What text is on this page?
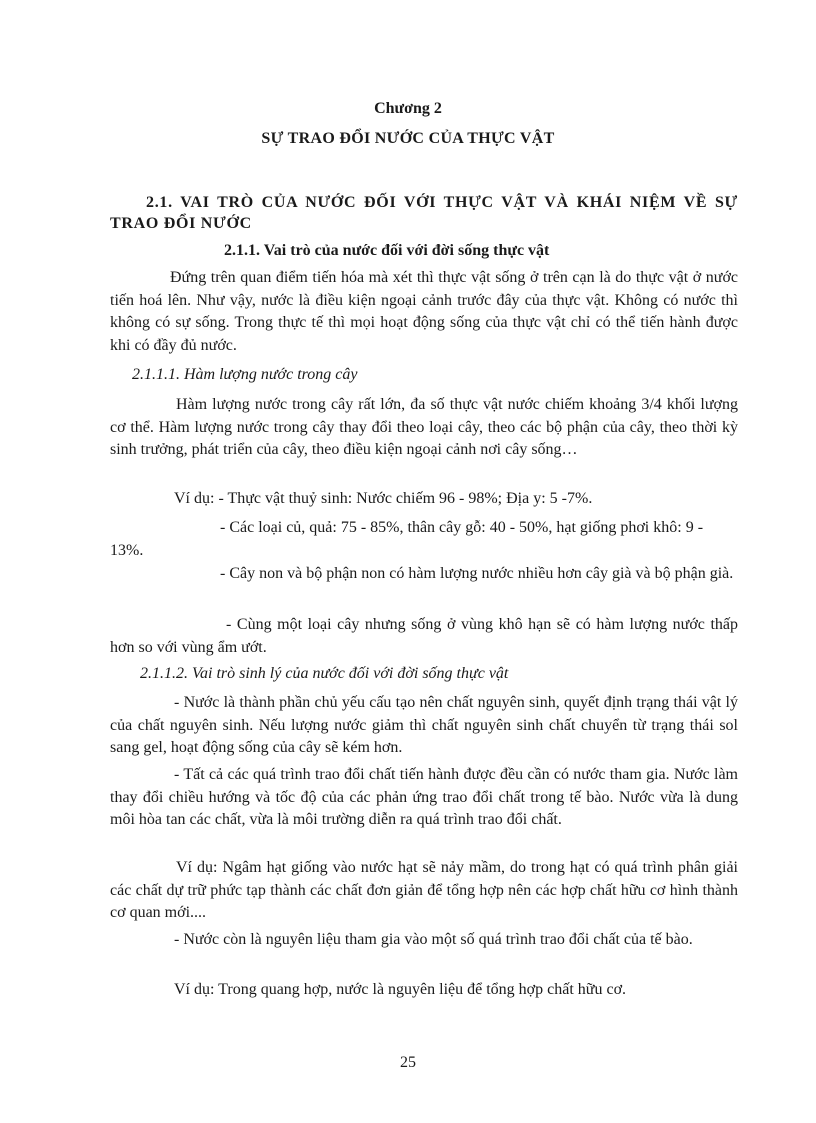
Chương 2
SỰ TRAO ĐỔI NƯỚC CỦA THỰC VẬT

2.1. VAI TRÒ CỦA NƯỚC ĐỐI VỚI THỰC VẬT VÀ KHÁI NIỆM VỀ SỰ TRAO ĐỔI NƯỚC

2.1.1. Vai trò của nước đối với đời sống thực vật

Đứng trên quan điểm tiến hóa mà xét thì thực vật sống ở trên cạn là do thực vật ở nước tiến hoá lên. Như vậy, nước là điều kiện ngoại cảnh trước đây của thực vật. Không có nước thì không có sự sống. Trong thực tế thì mọi hoạt động sống của thực vật chỉ có thể tiến hành được khi có đầy đủ nước.

2.1.1.1. Hàm lượng nước trong cây

Hàm lượng nước trong cây rất lớn, đa số thực vật nước chiếm khoảng 3/4 khối lượng cơ thể. Hàm lượng nước trong cây thay đổi theo loại cây, theo các bộ phận của cây, theo thời kỳ sinh trưởng, phát triển của cây, theo điều kiện ngoại cảnh nơi cây sống…

Ví dụ: - Thực vật thuỷ sinh: Nước chiếm 96 - 98%; Địa y: 5 -7%.

- Các loại củ, quả: 75 - 85%, thân cây gỗ: 40 - 50%, hạt giống phơi khô: 9 - 13%.

- Cây non và bộ phận non có hàm lượng nước nhiều hơn cây già và bộ phận già.

- Cùng một loại cây nhưng sống ở vùng khô hạn sẽ có hàm lượng nước thấp hơn so với vùng ẩm ướt.

2.1.1.2. Vai trò sinh lý của nước đối với đời sống thực vật

- Nước là thành phần chủ yếu cấu tạo nên chất nguyên sinh, quyết định trạng thái vật lý của chất nguyên sinh. Nếu lượng nước giảm thì chất nguyên sinh chất chuyển từ trạng thái sol sang gel, hoạt động sống của cây sẽ kém hơn.

- Tất cả các quá trình trao đổi chất tiến hành được đều cần có nước tham gia. Nước làm thay đổi chiều hướng và tốc độ của các phản ứng trao đổi chất trong tế bào. Nước vừa là dung môi hòa tan các chất, vừa là môi trường diễn ra quá trình trao đổi chất.

Ví dụ: Ngâm hạt giống vào nước hạt sẽ nảy mầm, do trong hạt có quá trình phân giải các chất dự trữ phức tạp thành các chất đơn giản để tổng hợp nên các hợp chất hữu cơ hình thành cơ quan mới....

- Nước còn là nguyên liệu tham gia vào một số quá trình trao đổi chất của tế bào.

Ví dụ: Trong quang hợp, nước là nguyên liệu để tổng hợp chất hữu cơ.

25
